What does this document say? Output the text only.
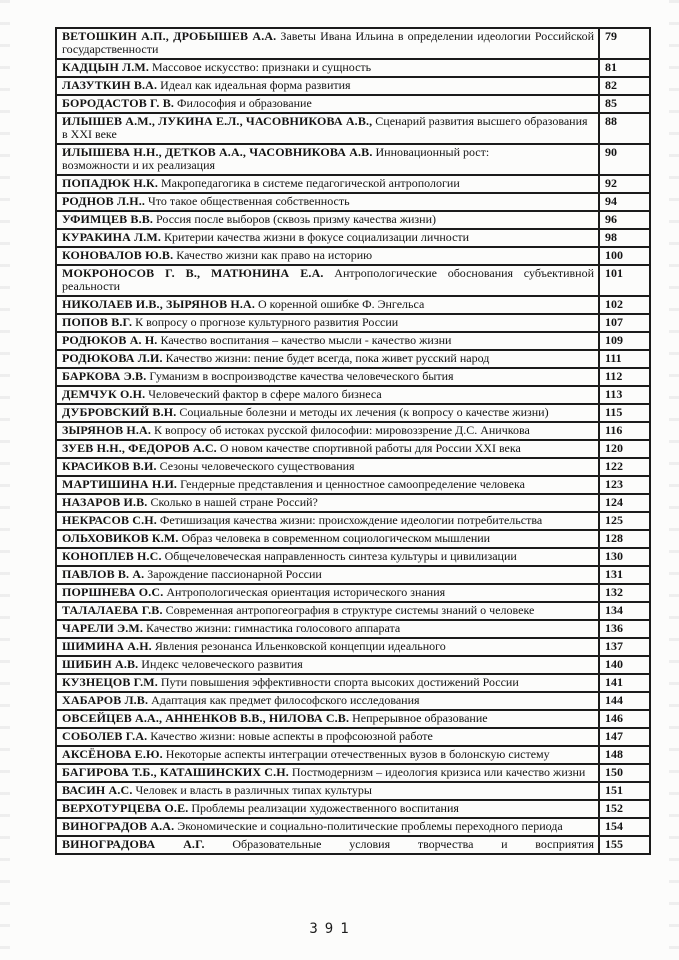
ВЕТОШКИН А.П., ДРОБЫШЕВ А.А. Заветы Ивана Ильина в определении идеологии Российской государственности	79
КАДЦЫН Л.М. Массовое искусство: признаки и сущность	81
ЛАЗУТКИН В.А. Идеал как идеальная форма развития	82
БОРОДАСТОВ Г. В. Философия и образование	85
ИЛЫШЕВ А.М., ЛУКИНА Е.Л., ЧАСОВНИКОВА А.В., Сценарий развития высшего образования в XXI веке	88
ИЛЫШЕВА Н.Н., ДЕТКОВ А.А., ЧАСОВНИКОВА А.В. Инновационный рост:
возможности и их реализация	90
ПОПАДЮК Н.К. Макропедагогика в системе педагогической антропологии	92
РОДНОВ Л.Н.. Что такое общественная собственность	94
УФИМЦЕВ В.В. Россия после выборов (сквозь призму качества жизни)	96
КУРАКИНА Л.М. Критерии качества жизни в фокусе социализации личности	98
КОНОВАЛОВ Ю.В. Качество жизни как право на историю	100
МОКРОНОСОВ Г. В., МАТЮНИНА Е.А. Антропологические обоснования субъективной реальности	101
НИКОЛАЕВ И.В., ЗЫРЯНОВ Н.А. О коренной ошибке Ф. Энгельса	102
ПОПОВ В.Г. К вопросу о прогнозе культурного развития России	107
РОДЮКОВ А. Н. Качество воспитания – качество мысли - качество жизни	109
РОДЮКОВА Л.И. Качество жизни: пение будет всегда, пока живет русский народ	111
БАРКОВА Э.В. Гуманизм в воспроизводстве качества человеческого бытия	112
ДЕМЧУК О.Н. Человеческий фактор в сфере малого бизнеса	113
ДУБРОВСКИЙ В.Н. Социальные болезни и методы их лечения (к вопросу о качестве жизни)	115
ЗЫРЯНОВ Н.А. К вопросу об истоках русской философии: мировоззрение Д.С. Аничкова	116
ЗУЕВ Н.Н., ФЕДОРОВ А.С. О новом качестве спортивной работы для России XXI века	120
КРАСИКОВ В.И. Сезоны человеческого существования	122
МАРТИШИНА Н.И. Гендерные представления и ценностное самоопределение человека	123
НАЗАРОВ И.В. Сколько в нашей стране Россий?	124
НЕКРАСОВ С.Н. Фетишизация качества жизни: происхождение идеологии потребительства	125
ОЛЬХОВИКОВ К.М. Образ человека в современном социологическом мышлении	128
КОНОПЛЕВ Н.С. Общечеловеческая направленность синтеза культуры и цивилизации	130
ПАВЛОВ В. А. Зарождение пассионарной России	131
ПОРШНЕВА О.С. Антропологическая ориентация исторического знания	132
ТАЛАЛАЕВА Г.В. Современная антропогеография в структуре системы знаний о человеке	134
ЧАРЕЛИ Э.М. Качество жизни: гимнастика голосового аппарата	136
ШИМИНА А.Н. Явления резонанса Ильенковской концепции идеального	137
ШИБИН А.В. Индекс человеческого развития	140
КУЗНЕЦОВ Г.М. Пути повышения эффективности спорта высоких достижений России	141
ХАБАРОВ Л.В. Адаптация как предмет философского исследования	144
ОВСЕЙЦЕВ А.А., АННЕНКОВ В.В., НИЛОВА С.В. Непрерывное образование	146
СОБОЛЕВ Г.А. Качество жизни: новые аспекты в профсоюзной работе	147
АКСЁНОВА Е.Ю. Некоторые аспекты интеграции отечественных вузов в болонскую систему	148
БАГИРОВА Т.Б., КАТАШИНСКИХ С.Н. Постмодернизм – идеология кризиса или качество жизни	150
ВАСИН А.С. Человек и власть в различных типах культуры	151
ВЕРХОТУРЦЕВА О.Е. Проблемы реализации художественного воспитания	152
ВИНОГРАДОВ А.А. Экономические и социально-политические проблемы переходного периода	154
ВИНОГРАДОВА А.Г. Образовательные условия творчества и восприятия	155
391
